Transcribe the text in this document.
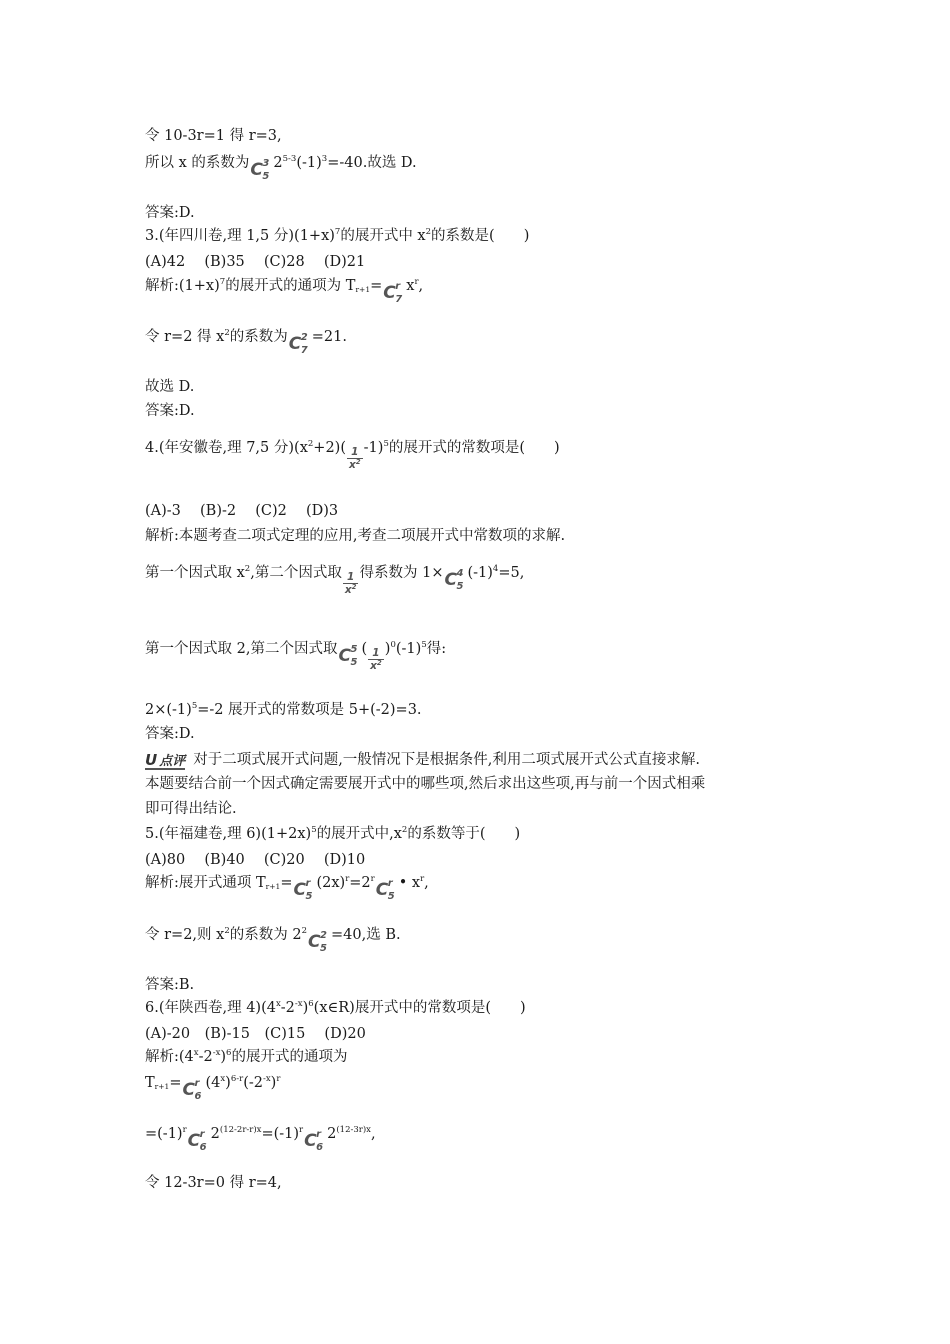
令 10-3r=1 得 r=3,
所以 x 的系数为 C 3
5
$2^{5-3}(-1)^3=-40$.故选 D.
答案:D.
3.(年四川卷,理 1,5 分)$(1+x)^7$的展开式中 $x^2$的系数是(　　)
(A)42　 (B)35　 (C)28　 (D)21
解析$:(1+x)^7$的展开式的通项为 $T_{r+1}= C$ r
7
$x^r$,
令 r=2 得 $x^2$的系数为 C 2
7
=21.
故选 D.
答案:D.
4.(年安徽卷,理 7,5 分)$(x^2+2)( \frac{1}{x^2} -1)^5$的展开式的常数项是(　　)
(A)-3　 (B)-2　 (C)2　 (D)3
解析:本题考查二项式定理的应用,考查二项展开式中常数项的求解.
第一个因式取 $x^2$,第二个因式取 $\frac{1}{x^2}$ 得系数为 1× C 4
5
$(-1)^4=5$,
第一个因式取 2,第二个因式取 C 5
5
( $\frac{1}{x^2} )^0(-1)^5$得:
$2\times(-1)^5=-2$ 展开式的常数项是 5+(-2)=3.
答案:D.
U 点评 对于二项式展开式问题,一般情况下是根据条件,利用二项式展开式公式直接求解.
本题要结合前一个因式确定需要展开式中的哪些项,然后求出这些项,再与前一个因式相乘
即可得出结论.
5.(年福建卷,理 $6)(1+2x)^5$的展开式中$,x^2$的系数等于(　　)
(A)80　 (B)40　 (C)20　 (D)10
解析:展开式通项 $T_{r+1}= C$ r
5
$(2x)^r=2^r$
C r
5
• $x^r$,
令 r=2,则 $x^2$的系数为 $2^2$
C 2
5
=40,选 B.
答案:B.
6.(年陕西卷,理 $4)(4^x-2^{-x})^6(x\in R)$展开式中的常数项是(　　)
(A)-20　(B)-15　(C)15　 (D)20
解析$:(4^x-2^{-x})^6$的展开式的通项为
$T_{r+1}= C$ r
6
$(4^x)^{6-r}(-2^{-x})^r$
$=(-1)^r$
C r
6
$2^{(12-2r-r)x}=(-1)^r$
C r
6
$2^{(12-3r)x}$,
令 12-3r=0 得 r=4,
